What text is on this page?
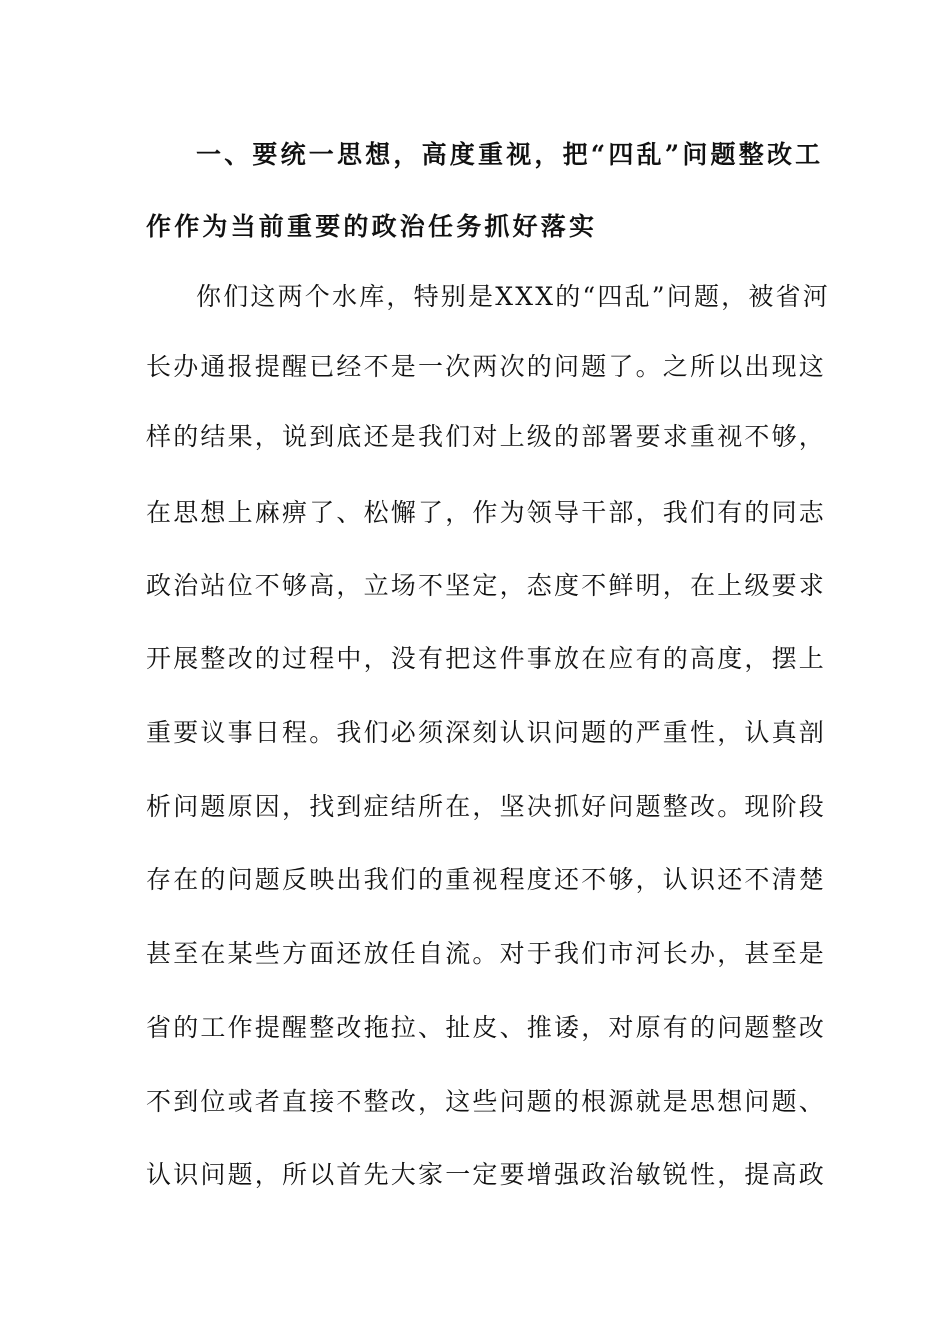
一、要统一思想，高度重视，把“四乱”问题整改工
作作为当前重要的政治任务抓好落实
你们这两个水库，特别是XXX的“四乱”问题，被省河
长办通报提醒已经不是一次两次的问题了。之所以出现这
样的结果，说到底还是我们对上级的部署要求重视不够，
在思想上麻痹了、松懈了，作为领导干部，我们有的同志
政治站位不够高，立场不坚定，态度不鲜明，在上级要求
开展整改的过程中，没有把这件事放在应有的高度，摆上
重要议事日程。我们必须深刻认识问题的严重性，认真剖
析问题原因，找到症结所在，坚决抓好问题整改。现阶段
存在的问题反映出我们的重视程度还不够，认识还不清楚
甚至在某些方面还放任自流。对于我们市河长办，甚至是
省的工作提醒整改拖拉、扯皮、推诿，对原有的问题整改
不到位或者直接不整改，这些问题的根源就是思想问题、
认识问题，所以首先大家一定要增强政治敏锐性，提高政
